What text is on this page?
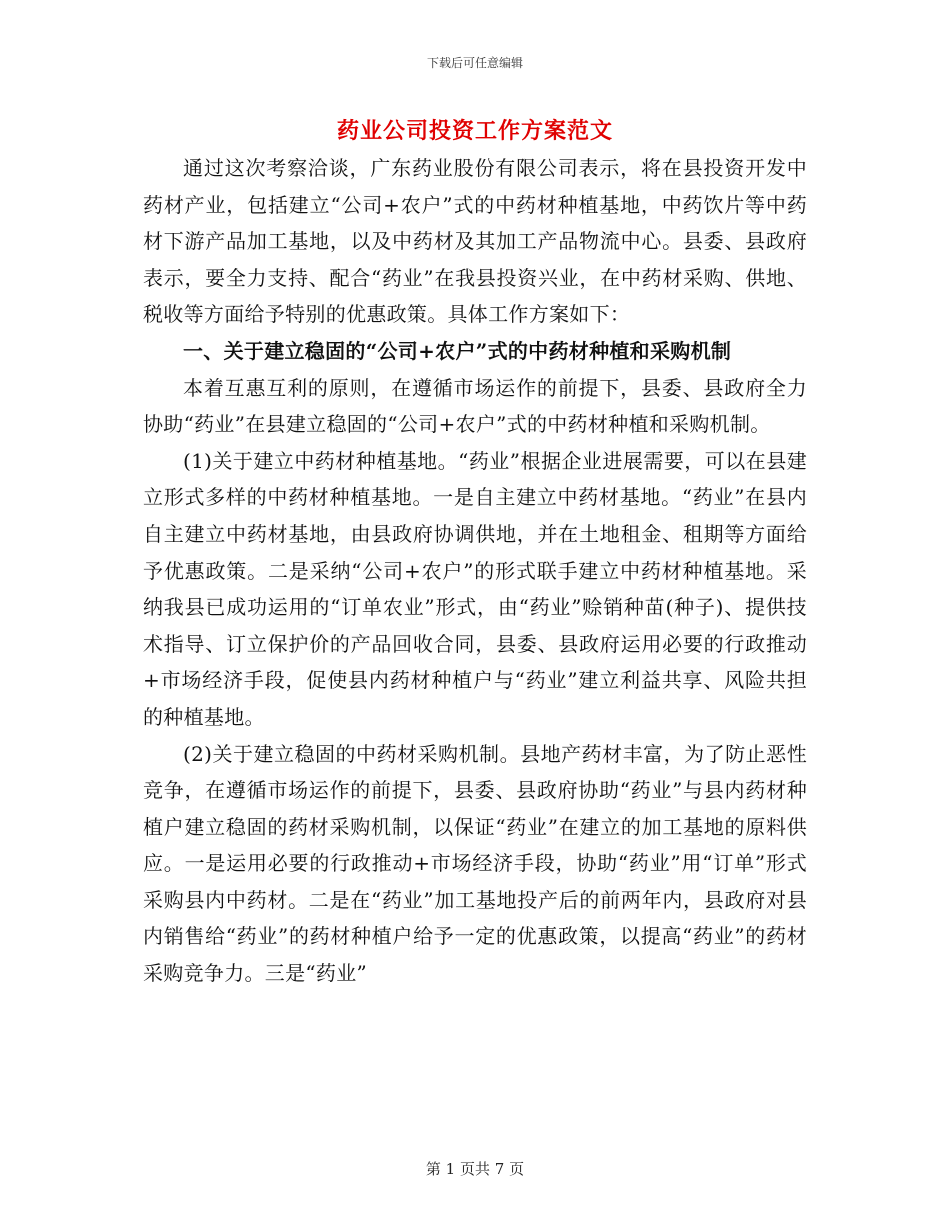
下载后可任意编辑
药业公司投资工作方案范文

通过这次考察洽谈，广东药业股份有限公司表示，将在县投资开发中药材产业，包括建立“公司+农户”式的中药材种植基地，中药饮片等中药材下游产品加工基地，以及中药材及其加工产品物流中心。县委、县政府表示，要全力支持、配合“药业”在我县投资兴业，在中药材采购、供地、税收等方面给予特别的优惠政策。具体工作方案如下：

一、关于建立稳固的“公司+农户”式的中药材种植和采购机制

本着互惠互利的原则，在遵循市场运作的前提下，县委、县政府全力协助“药业”在县建立稳固的“公司+农户”式的中药材种植和采购机制。

(1)关于建立中药材种植基地。“药业”根据企业进展需要，可以在县建立形式多样的中药材种植基地。一是自主建立中药材基地。“药业”在县内自主建立中药材基地，由县政府协调供地，并在土地租金、租期等方面给予优惠政策。二是采纳“公司+农户”的形式联手建立中药材种植基地。采纳我县已成功运用的“订单农业”形式，由“药业”赊销种苗(种子)、提供技术指导、订立保护价的产品回收合同，县委、县政府运用必要的行政推动+市场经济手段，促使县内药材种植户与“药业”建立利益共享、风险共担的种植基地。

(2)关于建立稳固的中药材采购机制。县地产药材丰富，为了防止恶性竞争，在遵循市场运作的前提下，县委、县政府协助“药业”与县内药材种植户建立稳固的药材采购机制，以保证“药业”在建立的加工基地的原料供应。一是运用必要的行政推动+市场经济手段，协助“药业”用“订单”形式采购县内中药材。二是在“药业”加工基地投产后的前两年内，县政府对县内销售给“药业”的药材种植户给予一定的优惠政策，以提高“药业”的药材采购竞争力。三是“药业”

第 1 页共 7 页
